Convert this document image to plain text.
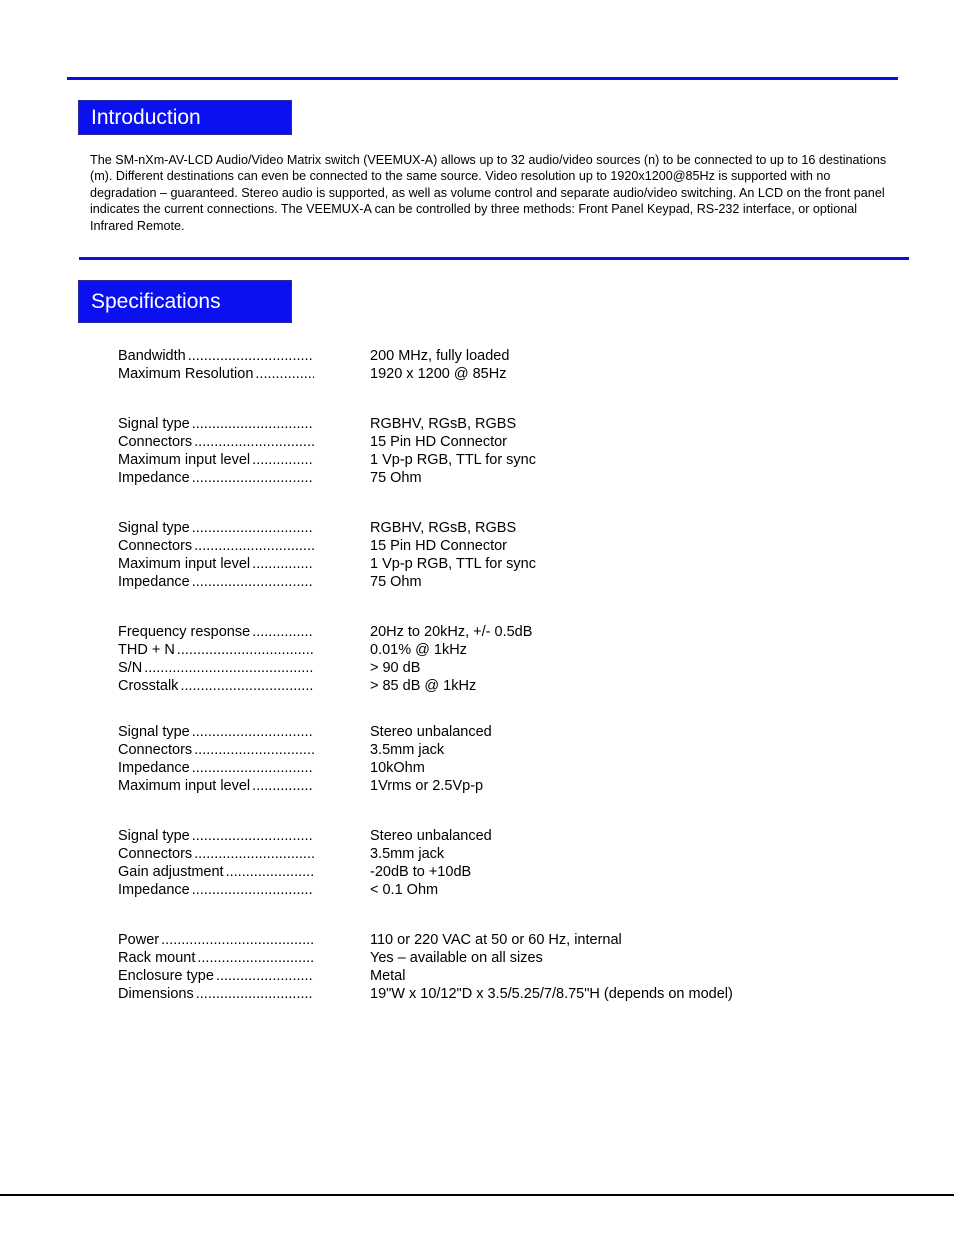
Introduction

The SM-nXm-AV-LCD Audio/Video Matrix switch (VEEMUX-A) allows up to 32 audio/video sources (n) to be connected to up to 16 destinations (m). Different destinations can even be connected to the same source. Video resolution up to 1920x1200@85Hz is supported with no degradation – guaranteed. Stereo audio is supported, as well as volume control and separate audio/video switching. An LCD on the front panel indicates the current connections. The VEEMUX-A can be controlled by three methods: Front Panel Keypad, RS-232 interface, or optional Infrared Remote.

Specifications
Bandwidth .....	200 MHz, fully loaded
Maximum Resolution .....	1920 x 1200 @ 85Hz
Signal type .....	RGBHV, RGsB, RGBS
Connectors .....	15 Pin HD Connector
Maximum input level .....	1 Vp-p RGB, TTL for sync
Impedance .....	75 Ohm
Signal type .....	RGBHV, RGsB, RGBS
Connectors .....	15 Pin HD Connector
Maximum input level .....	1 Vp-p RGB, TTL for sync
Impedance .....	75 Ohm
Frequency response .....	20Hz to 20kHz, +/- 0.5dB
THD + N .....	0.01% @ 1kHz
S/N .....	> 90 dB
Crosstalk .....	> 85 dB @ 1kHz
Signal type .....	Stereo unbalanced
Connectors .....	3.5mm jack
Impedance .....	10kOhm
Maximum input level .....	1Vrms or 2.5Vp-p
Signal type .....	Stereo unbalanced
Connectors .....	3.5mm jack
Gain adjustment .....	-20dB to +10dB
Impedance .....	< 0.1 Ohm
Power .....	110 or 220 VAC at 50 or 60 Hz, internal
Rack mount .....	Yes – available on all sizes
Enclosure type .....	Metal
Dimensions .....	19"W x 10/12"D x 3.5/5.25/7/8.75"H (depends on model)
